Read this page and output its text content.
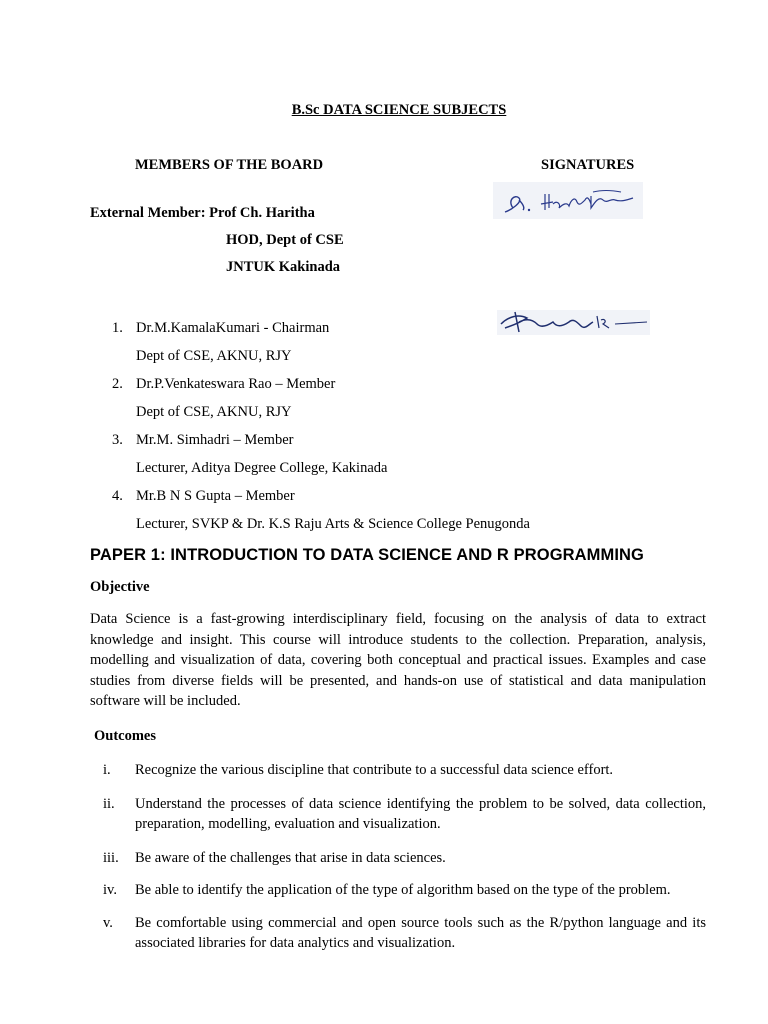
B.Sc DATA SCIENCE SUBJECTS
MEMBERS OF THE BOARD	SIGNATURES
External Member: Prof Ch. Haritha
HOD, Dept of CSE
JNTUK Kakinada
1. Dr.M.KamalaKumari - Chairman
Dept of CSE, AKNU, RJY
2. Dr.P.Venkateswara Rao – Member
Dept of CSE, AKNU, RJY
3. Mr.M. Simhadri – Member
Lecturer, Aditya Degree College, Kakinada
4. Mr.B N S Gupta – Member
Lecturer, SVKP & Dr. K.S Raju Arts & Science College Penugonda
PAPER 1: INTRODUCTION TO DATA SCIENCE AND R PROGRAMMING
Objective

Data Science is a fast-growing interdisciplinary field, focusing on the analysis of data to extract knowledge and insight. This course will introduce students to the collection. Preparation, analysis, modelling and visualization of data, covering both conceptual and practical issues. Examples and case studies from diverse fields will be presented, and hands-on use of statistical and data manipulation software will be included.

Outcomes
i. Recognize the various discipline that contribute to a successful data science effort.
ii. Understand the processes of data science identifying the problem to be solved, data collection, preparation, modelling, evaluation and visualization.
iii. Be aware of the challenges that arise in data sciences.
iv. Be able to identify the application of the type of algorithm based on the type of the problem.
v. Be comfortable using commercial and open source tools such as the R/python language and its associated libraries for data analytics and visualization.
